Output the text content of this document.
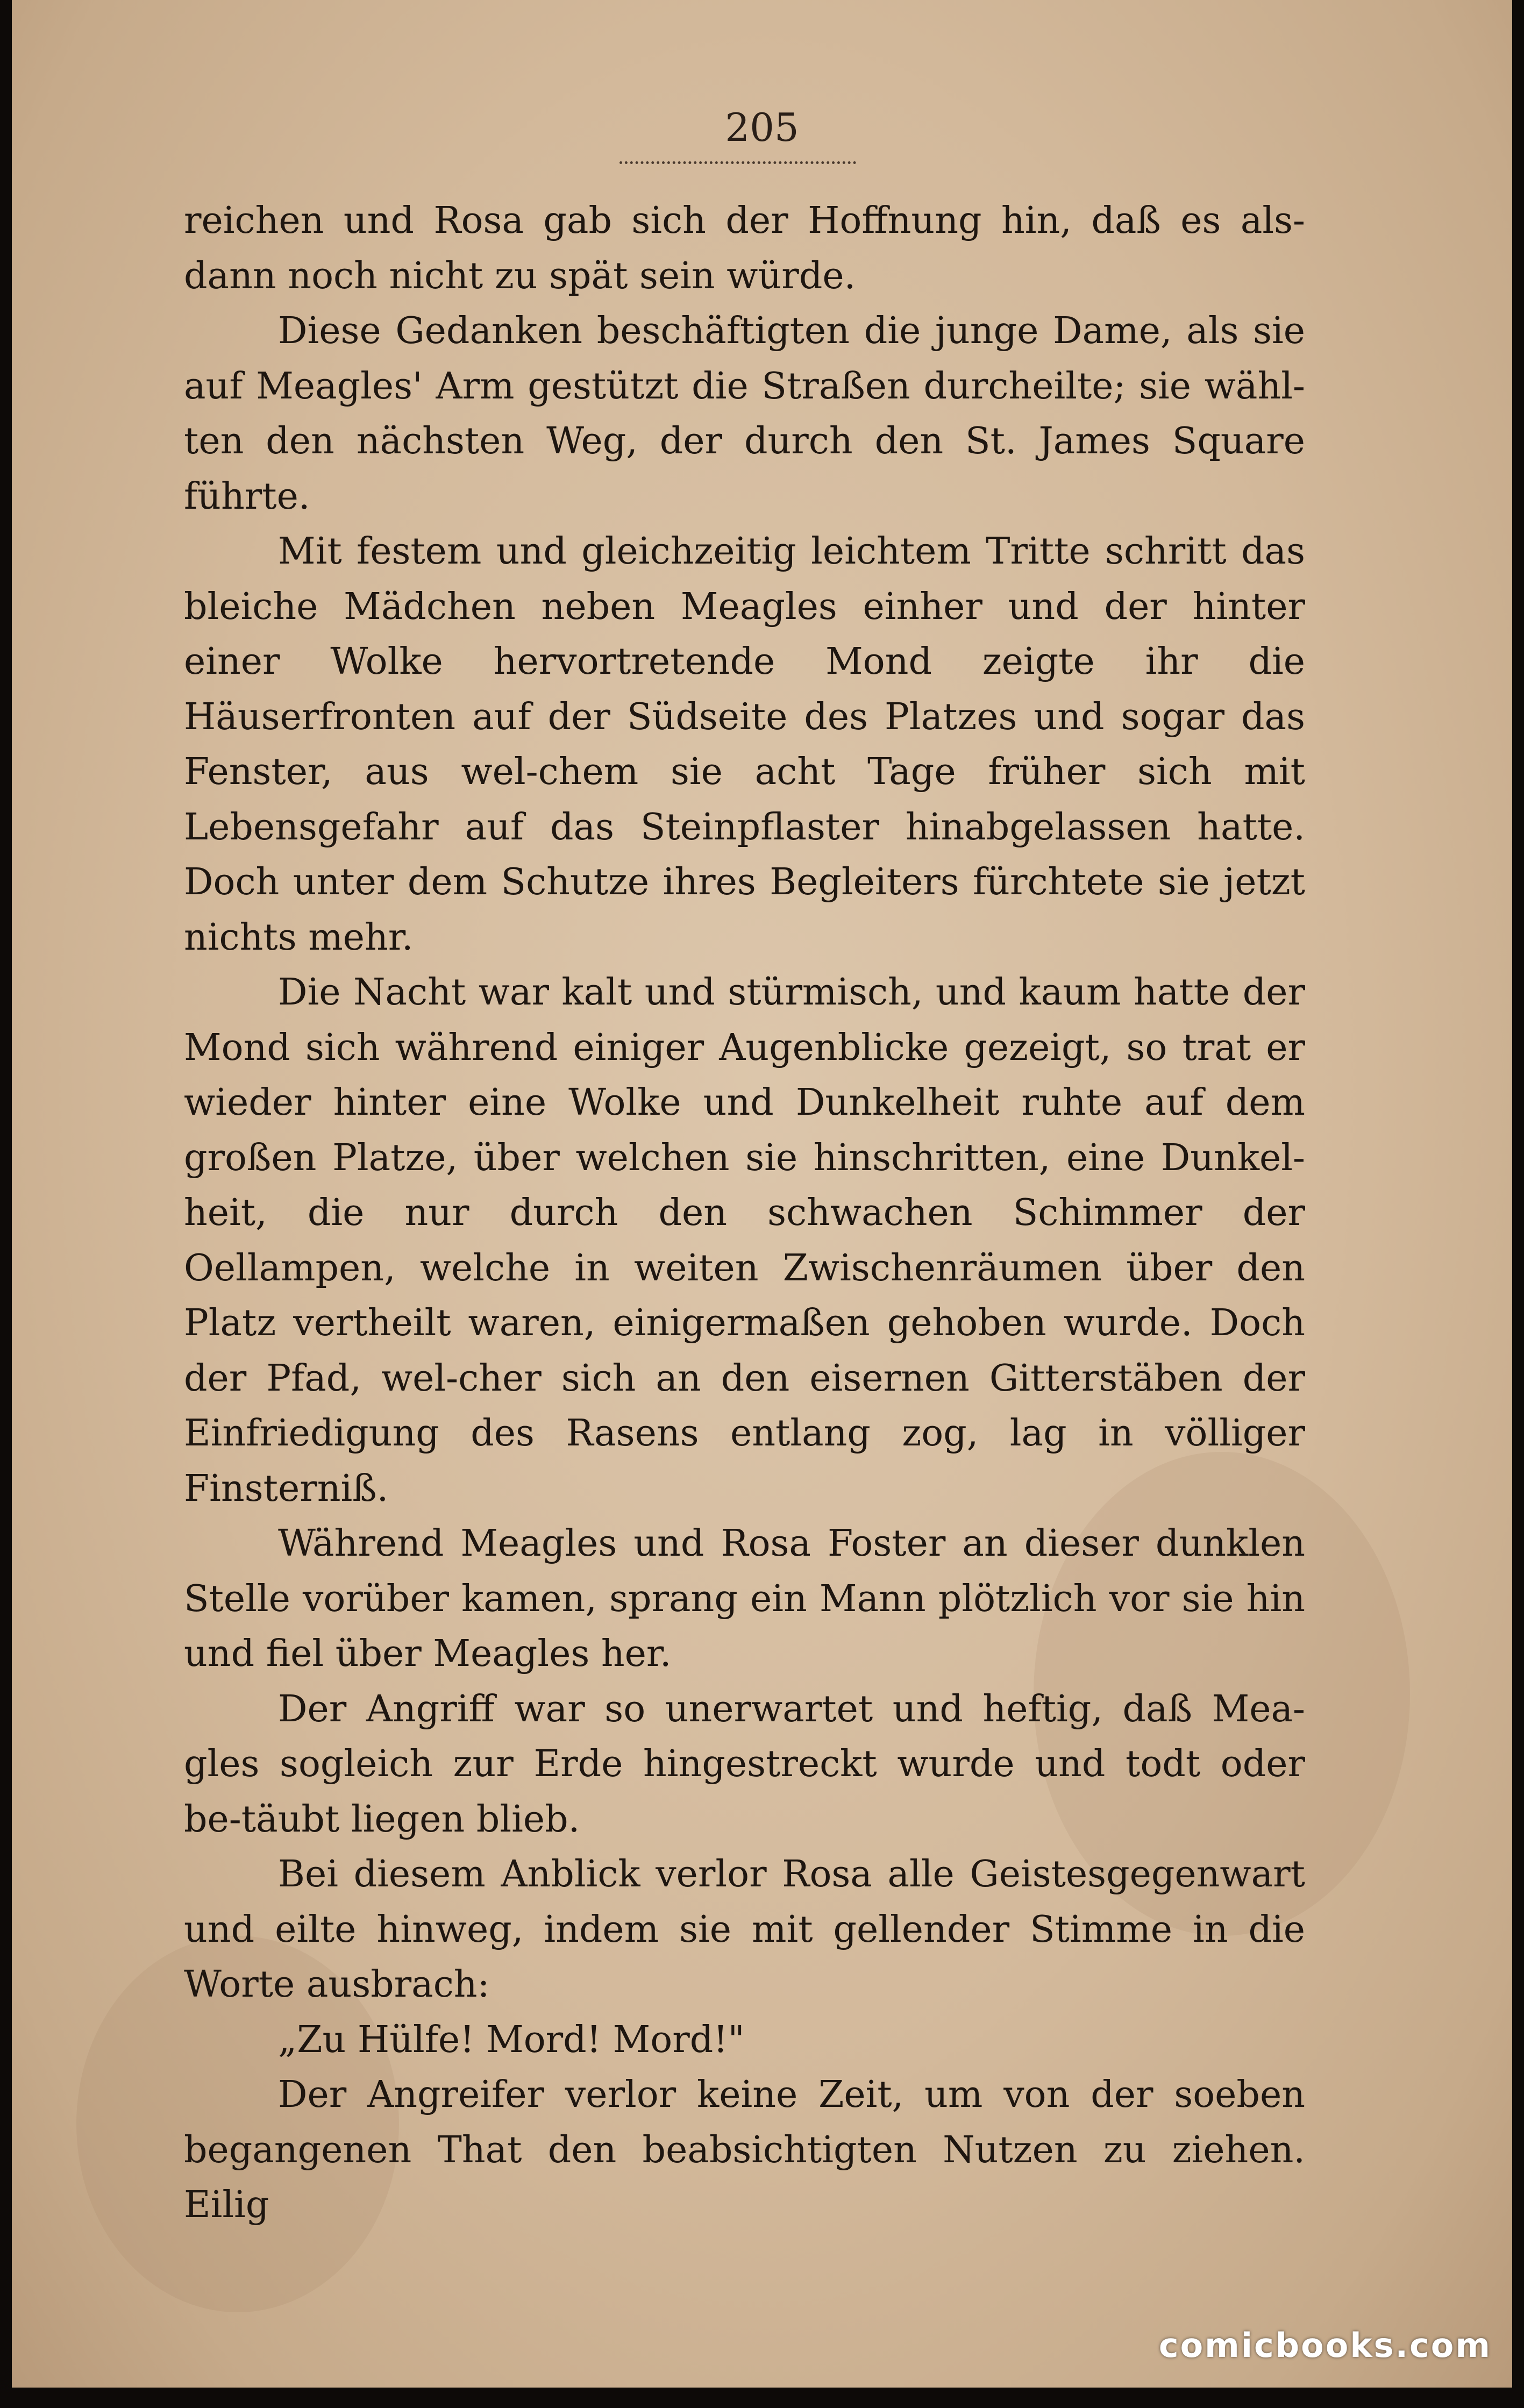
205

reichen und Rosa gab sich der Hoffnung hin, daß es als-dann noch nicht zu spät sein würde.

Diese Gedanken beschäftigten die junge Dame, als sie auf Meagles' Arm gestützt die Straßen durcheilte; sie wähl-ten den nächsten Weg, der durch den St. James Square führte.

Mit festem und gleichzeitig leichtem Tritte schritt das bleiche Mädchen neben Meagles einher und der hinter einer Wolke hervortretende Mond zeigte ihr die Häuserfronten auf der Südseite des Platzes und sogar das Fenster, aus wel-chem sie acht Tage früher sich mit Lebensgefahr auf das Steinpflaster hinabgelassen hatte. Doch unter dem Schutze ihres Begleiters fürchtete sie jetzt nichts mehr.

Die Nacht war kalt und stürmisch, und kaum hatte der Mond sich während einiger Augenblicke gezeigt, so trat er wieder hinter eine Wolke und Dunkelheit ruhte auf dem großen Platze, über welchen sie hinschritten, eine Dunkel-heit, die nur durch den schwachen Schimmer der Oellampen, welche in weiten Zwischenräumen über den Platz vertheilt waren, einigermaßen gehoben wurde. Doch der Pfad, wel-cher sich an den eisernen Gitterstäben der Einfriedigung des Rasens entlang zog, lag in völliger Finsterniß.

Während Meagles und Rosa Foster an dieser dunklen Stelle vorüber kamen, sprang ein Mann plötzlich vor sie hin und fiel über Meagles her.

Der Angriff war so unerwartet und heftig, daß Mea-gles sogleich zur Erde hingestreckt wurde und todt oder be-täubt liegen blieb.

Bei diesem Anblick verlor Rosa alle Geistesgegenwart und eilte hinweg, indem sie mit gellender Stimme in die Worte ausbrach:

„Zu Hülfe! Mord! Mord!"

Der Angreifer verlor keine Zeit, um von der soeben begangenen That den beabsichtigten Nutzen zu ziehen. Eilig

comicbooks.com
